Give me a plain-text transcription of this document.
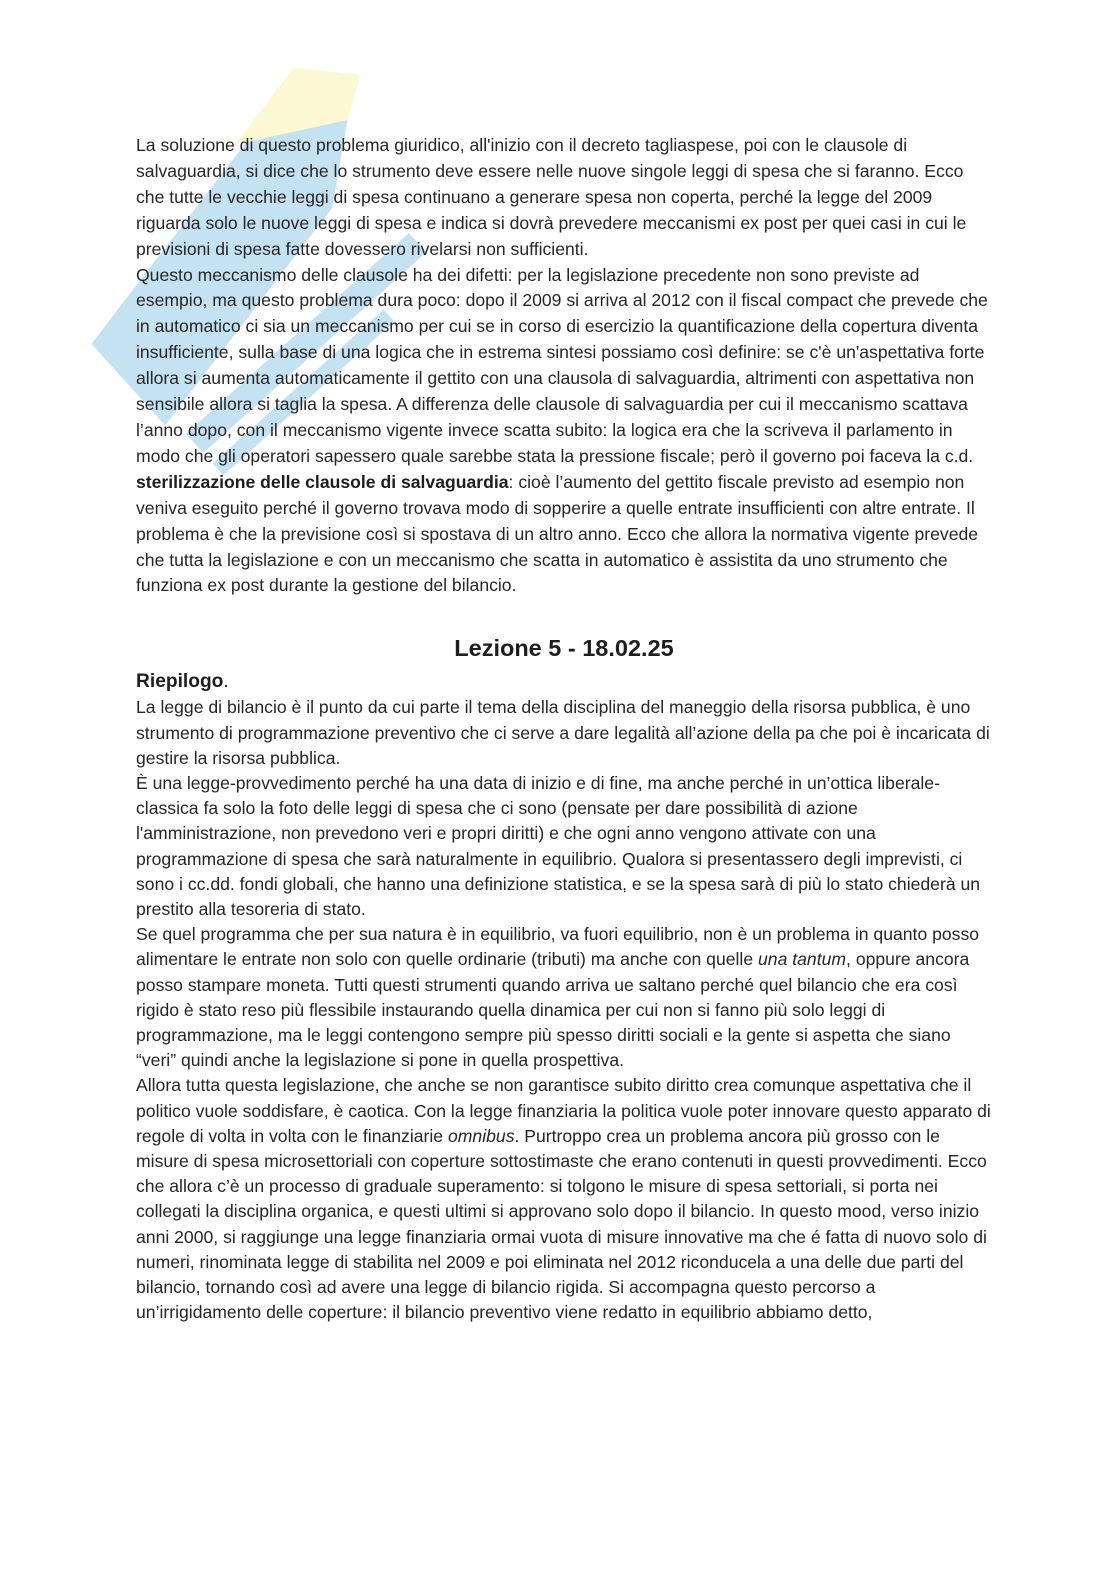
La soluzione di questo problema giuridico, all'inizio con il decreto tagliaspese, poi con le clausole di salvaguardia, si dice che lo strumento deve essere nelle nuove singole leggi di spesa che si faranno. Ecco che tutte le vecchie leggi di spesa continuano a generare spesa non coperta, perché la legge del 2009 riguarda solo le nuove leggi di spesa e indica si dovrà prevedere meccanismi ex post per quei casi in cui le previsioni di spesa fatte dovessero rivelarsi non sufficienti.

Questo meccanismo delle clausole ha dei difetti: per la legislazione precedente non sono previste ad esempio, ma questo problema dura poco: dopo il 2009 si arriva al 2012 con il fiscal compact che prevede che in automatico ci sia un meccanismo per cui se in corso di esercizio la quantificazione della copertura diventa insufficiente, sulla base di una logica che in estrema sintesi possiamo così definire: se c'è un'aspettativa forte allora si aumenta automaticamente il gettito con una clausola di salvaguardia, altrimenti con aspettativa non sensibile allora si taglia la spesa. A differenza delle clausole di salvaguardia per cui il meccanismo scattava l’anno dopo, con il meccanismo vigente invece scatta subito: la logica era che la scriveva il parlamento in modo che gli operatori sapessero quale sarebbe stata la pressione fiscale; però il governo poi faceva la c.d. sterilizzazione delle clausole di salvaguardia: cioè l’aumento del gettito fiscale previsto ad esempio non veniva eseguito perché il governo trovava modo di sopperire a quelle entrate insufficienti con altre entrate. Il problema è che la previsione così si spostava di un altro anno. Ecco che allora la normativa vigente prevede che tutta la legislazione e con un meccanismo che scatta in automatico è assistita da uno strumento che funziona ex post durante la gestione del bilancio.

Lezione 5 - 18.02.25
Riepilogo.

La legge di bilancio è il punto da cui parte il tema della disciplina del maneggio della risorsa pubblica, è uno strumento di programmazione preventivo che ci serve a dare legalità all’azione della pa che poi è incaricata di gestire la risorsa pubblica.

È una legge-provvedimento perché ha una data di inizio e di fine, ma anche perché in un’ottica liberale-classica fa solo la foto delle leggi di spesa che ci sono (pensate per dare possibilità di azione l'amministrazione, non prevedono veri e propri diritti) e che ogni anno vengono attivate con una programmazione di spesa che sarà naturalmente in equilibrio. Qualora si presentassero degli imprevisti, ci sono i cc.dd. fondi globali, che hanno una definizione statistica, e se la spesa sarà di più lo stato chiederà un prestito alla tesoreria di stato.

Se quel programma che per sua natura è in equilibrio, va fuori equilibrio, non è un problema in quanto posso alimentare le entrate non solo con quelle ordinarie (tributi) ma anche con quelle una tantum, oppure ancora posso stampare moneta. Tutti questi strumenti quando arriva ue saltano perché quel bilancio che era così rigido è stato reso più flessibile instaurando quella dinamica per cui non si fanno più solo leggi di programmazione, ma le leggi contengono sempre più spesso diritti sociali e la gente si aspetta che siano “veri” quindi anche la legislazione si pone in quella prospettiva.

Allora tutta questa legislazione, che anche se non garantisce subito diritto crea comunque aspettativa che il politico vuole soddisfare, è caotica. Con la legge finanziaria la politica vuole poter innovare questo apparato di regole di volta in volta con le finanziarie omnibus. Purtroppo crea un problema ancora più grosso con le misure di spesa microsettoriali con coperture sottostimaste che erano contenuti in questi provvedimenti. Ecco che allora c’è un processo di graduale superamento: si tolgono le misure di spesa settoriali, si porta nei collegati la disciplina organica, e questi ultimi si approvano solo dopo il bilancio. In questo mood, verso inizio anni 2000, si raggiunge una legge finanziaria ormai vuota di misure innovative ma che é fatta di nuovo solo di numeri, rinominata legge di stabilita nel 2009 e poi eliminata nel 2012 riconducela a una delle due parti del bilancio, tornando così ad avere una legge di bilancio rigida. Si accompagna questo percorso a un’irrigidamento delle coperture: il bilancio preventivo viene redatto in equilibrio abbiamo detto,
